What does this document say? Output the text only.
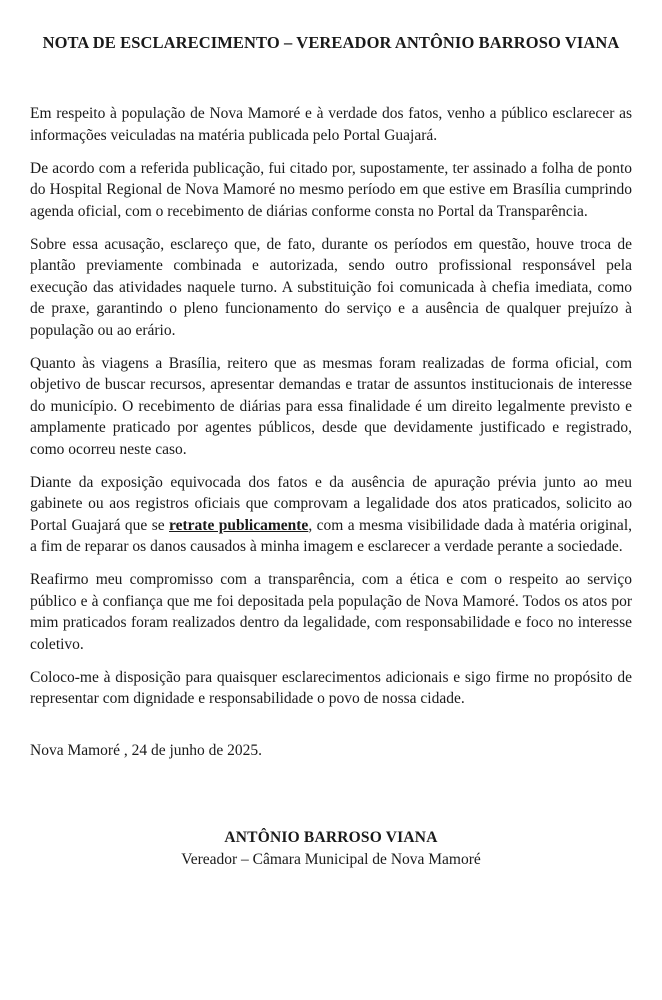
NOTA DE ESCLARECIMENTO – VEREADOR ANTÔNIO BARROSO VIANA

Em respeito à população de Nova Mamoré e à verdade dos fatos, venho a público esclarecer as informações veiculadas na matéria publicada pelo Portal Guajará.

De acordo com a referida publicação, fui citado por, supostamente, ter assinado a folha de ponto do Hospital Regional de Nova Mamoré no mesmo período em que estive em Brasília cumprindo agenda oficial, com o recebimento de diárias conforme consta no Portal da Transparência.

Sobre essa acusação, esclareço que, de fato, durante os períodos em questão, houve troca de plantão previamente combinada e autorizada, sendo outro profissional responsável pela execução das atividades naquele turno. A substituição foi comunicada à chefia imediata, como de praxe, garantindo o pleno funcionamento do serviço e a ausência de qualquer prejuízo à população ou ao erário.

Quanto às viagens a Brasília, reitero que as mesmas foram realizadas de forma oficial, com objetivo de buscar recursos, apresentar demandas e tratar de assuntos institucionais de interesse do município. O recebimento de diárias para essa finalidade é um direito legalmente previsto e amplamente praticado por agentes públicos, desde que devidamente justificado e registrado, como ocorreu neste caso.

Diante da exposição equivocada dos fatos e da ausência de apuração prévia junto ao meu gabinete ou aos registros oficiais que comprovam a legalidade dos atos praticados, solicito ao Portal Guajará que se retrate publicamente, com a mesma visibilidade dada à matéria original, a fim de reparar os danos causados à minha imagem e esclarecer a verdade perante a sociedade.

Reafirmo meu compromisso com a transparência, com a ética e com o respeito ao serviço público e à confiança que me foi depositada pela população de Nova Mamoré. Todos os atos por mim praticados foram realizados dentro da legalidade, com responsabilidade e foco no interesse coletivo.

Coloco-me à disposição para quaisquer esclarecimentos adicionais e sigo firme no propósito de representar com dignidade e responsabilidade o povo de nossa cidade.

Nova Mamoré , 24 de junho de 2025.

ANTÔNIO BARROSO VIANA
Vereador – Câmara Municipal de Nova Mamoré
